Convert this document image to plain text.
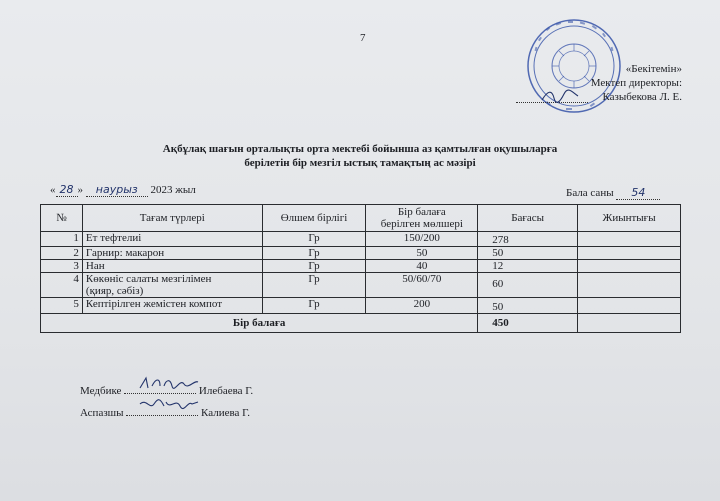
7
«Бекітемін»
Мектеп директоры:
Казыбекова Л. Е.
Ақбұлақ шағын орталықты орта мектебі бойынша аз қамтылған оқушыларға
берілетін бір мезгіл ыстық тамақтың ас мәзірі
« 28 » наурыз 2023 жыл	Бала саны 54
№	Тағам түрлері	Өлшем бірлігі	Бір балаға
берілген мөлшері	Бағасы	Жиынтығы
1	Ет тефтелиі	Гр	150/200	278	
2	Гарнир: макарон	Гр	50	50	
3	Нан	Гр	40	12	
4	Көкөніс салаты мезгілімен
(қияр, сәбіз)	Гр	50/60/70	60	
5	Кептірілген жемістен компот	Гр	200	50	
Бір балаға				450	
Медбике	Илебаева Г.
Аспазшы	Калиева Г.
